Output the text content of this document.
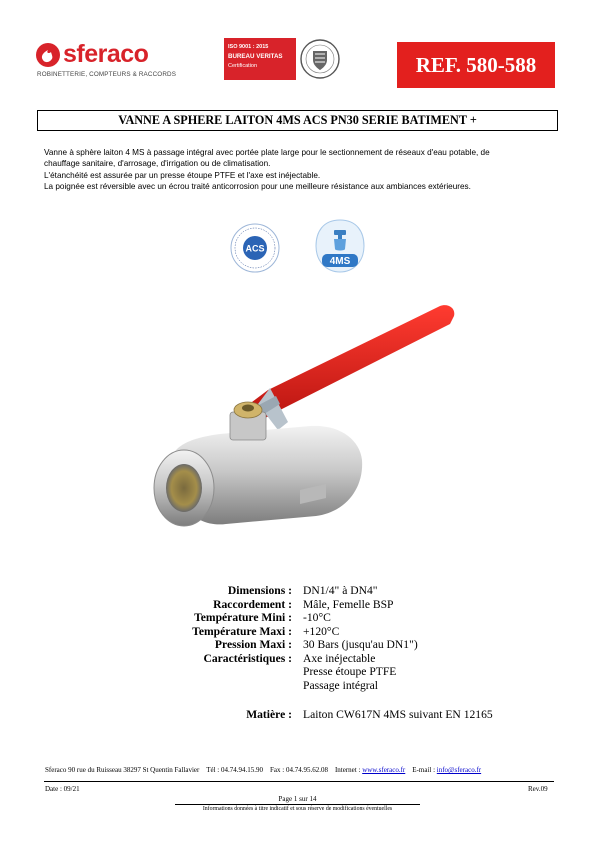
sferaco
ROBINETTERIE, COMPTEURS & RACCORDS
ISO 9001 : 2015
BUREAU VERITAS
Certification	REF. 580-588
VANNE A SPHERE LAITON 4MS ACS PN30 SERIE BATIMENT +

Vanne à sphère laiton 4 MS à passage intégral avec portée plate large pour le sectionnement de réseaux d'eau potable, de

chauffage sanitaire, d'arrosage, d'irrigation ou de climatisation.

L'étanchéité est assurée par un presse étoupe PTFE et l'axe est inéjectable.

La poignée est réversible avec un écrou traité anticorrosion pour une meilleure résistance aux ambiances extérieures.

ACS
4MS
Dimensions : DN1/4" à DN4"
Raccordement : Mâle, Femelle BSP
Température Mini : -10°C
Température Maxi : +120°C
Pression Maxi : 30 Bars (jusqu'au DN1")
Caractéristiques : Axe inéjectable
Presse étoupe PTFE
Passage intégral
Matière : Laiton CW617N 4MS suivant EN 12165
Sferaco 90 rue du Ruisseau 38297 St Quentin Fallavier Tél : 04.74.94.15.90 Fax : 04.74.95.62.08 Internet : www.sferaco.fr E-mail : info@sferaco.fr
Date : 09/21	Rev.09
Page 1 sur 14
Informations données à titre indicatif et sous réserve de modifications éventuelles
